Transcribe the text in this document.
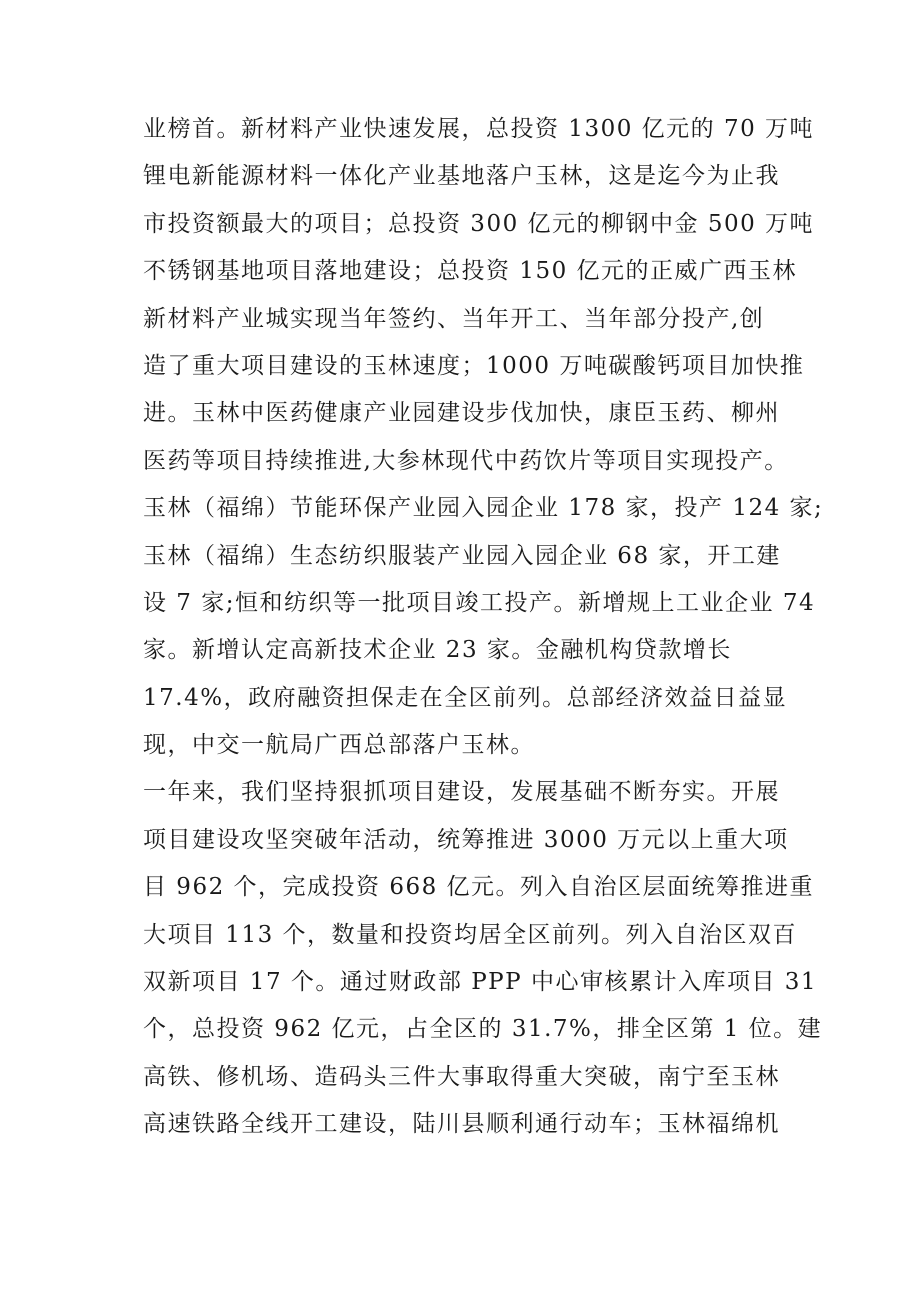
业榜首。新材料产业快速发展，总投资 1300 亿元的 70 万吨
锂电新能源材料一体化产业基地落户玉林，这是迄今为止我
市投资额最大的项目；总投资 300 亿元的柳钢中金 500 万吨
不锈钢基地项目落地建设；总投资 150 亿元的正威广西玉林
新材料产业城实现当年签约、当年开工、当年部分投产,创
造了重大项目建设的玉林速度；1000 万吨碳酸钙项目加快推
进。玉林中医药健康产业园建设步伐加快，康臣玉药、柳州
医药等项目持续推进,大参林现代中药饮片等项目实现投产。
玉林（福绵）节能环保产业园入园企业 178 家，投产 124 家;
玉林（福绵）生态纺织服装产业园入园企业 68 家，开工建
设 7 家;恒和纺织等一批项目竣工投产。新增规上工业企业 74
家。新增认定高新技术企业 23 家。金融机构贷款增长
17.4%，政府融资担保走在全区前列。总部经济效益日益显
现，中交一航局广西总部落户玉林。
一年来，我们坚持狠抓项目建设，发展基础不断夯实。开展
项目建设攻坚突破年活动，统筹推进 3000 万元以上重大项
目 962 个，完成投资 668 亿元。列入自治区层面统筹推进重
大项目 113 个，数量和投资均居全区前列。列入自治区双百
双新项目 17 个。通过财政部 PPP 中心审核累计入库项目 31
个，总投资 962 亿元，占全区的 31.7%，排全区第 1 位。建
高铁、修机场、造码头三件大事取得重大突破，南宁至玉林
高速铁路全线开工建设，陆川县顺利通行动车；玉林福绵机
